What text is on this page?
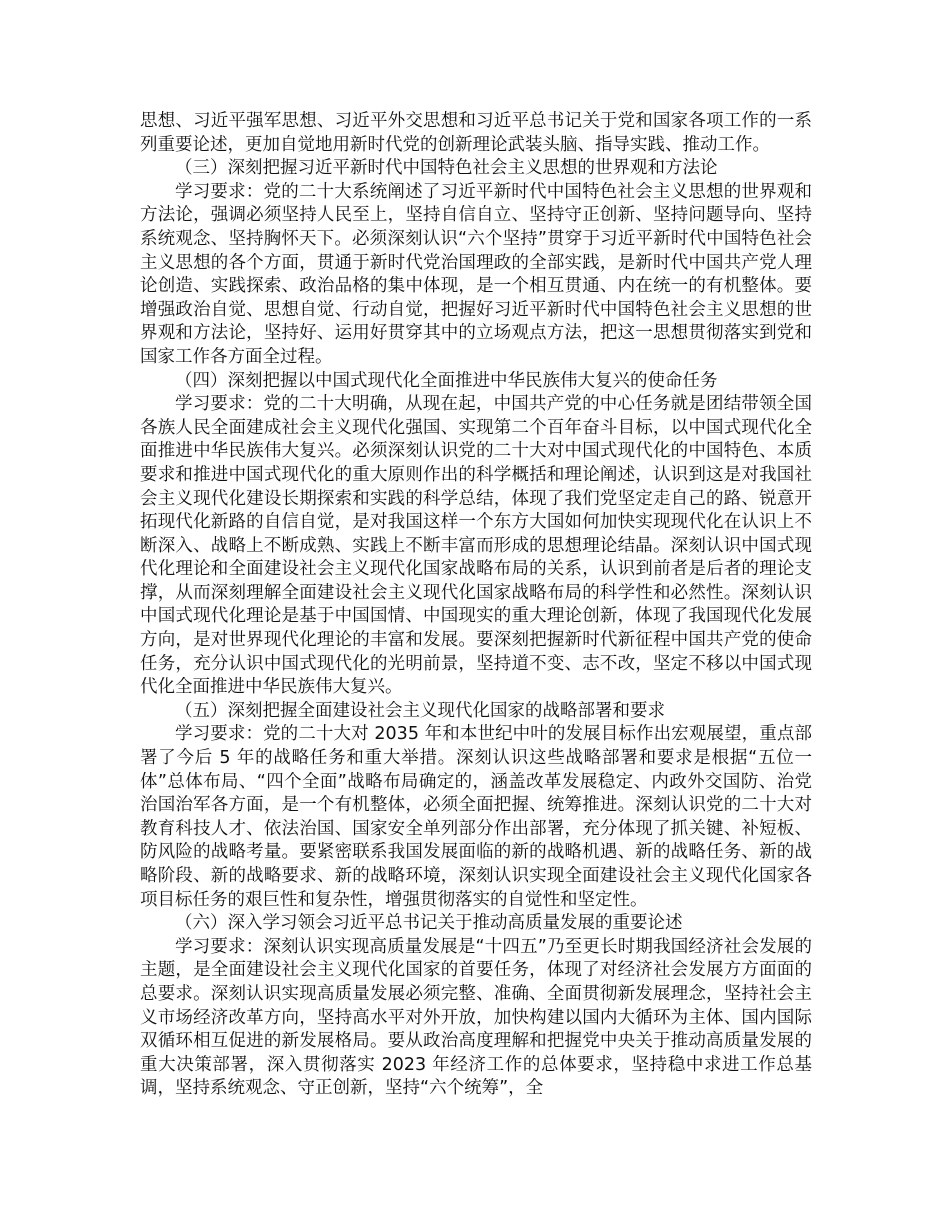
思想、习近平强军思想、习近平外交思想和习近平总书记关于党和国家各项工作的一系列重要论述，更加自觉地用新时代党的创新理论武装头脑、指导实践、推动工作。

（三）深刻把握习近平新时代中国特色社会主义思想的世界观和方法论

学习要求：党的二十大系统阐述了习近平新时代中国特色社会主义思想的世界观和方法论，强调必须坚持人民至上，坚持自信自立、坚持守正创新、坚持问题导向、坚持系统观念、坚持胸怀天下。必须深刻认识“六个坚持”贯穿于习近平新时代中国特色社会主义思想的各个方面，贯通于新时代党治国理政的全部实践，是新时代中国共产党人理论创造、实践探索、政治品格的集中体现，是一个相互贯通、内在统一的有机整体。要增强政治自觉、思想自觉、行动自觉，把握好习近平新时代中国特色社会主义思想的世界观和方法论，坚持好、运用好贯穿其中的立场观点方法，把这一思想贯彻落实到党和国家工作各方面全过程。

（四）深刻把握以中国式现代化全面推进中华民族伟大复兴的使命任务

学习要求：党的二十大明确，从现在起，中国共产党的中心任务就是团结带领全国各族人民全面建成社会主义现代化强国、实现第二个百年奋斗目标，以中国式现代化全面推进中华民族伟大复兴。必须深刻认识党的二十大对中国式现代化的中国特色、本质要求和推进中国式现代化的重大原则作出的科学概括和理论阐述，认识到这是对我国社会主义现代化建设长期探索和实践的科学总结，体现了我们党坚定走自己的路、锐意开拓现代化新路的自信自觉，是对我国这样一个东方大国如何加快实现现代化在认识上不断深入、战略上不断成熟、实践上不断丰富而形成的思想理论结晶。深刻认识中国式现代化理论和全面建设社会主义现代化国家战略布局的关系，认识到前者是后者的理论支撑，从而深刻理解全面建设社会主义现代化国家战略布局的科学性和必然性。深刻认识中国式现代化理论是基于中国国情、中国现实的重大理论创新，体现了我国现代化发展方向，是对世界现代化理论的丰富和发展。要深刻把握新时代新征程中国共产党的使命任务，充分认识中国式现代化的光明前景，坚持道不变、志不改，坚定不移以中国式现代化全面推进中华民族伟大复兴。

（五）深刻把握全面建设社会主义现代化国家的战略部署和要求

学习要求：党的二十大对 2035 年和本世纪中叶的发展目标作出宏观展望，重点部署了今后 5 年的战略任务和重大举措。深刻认识这些战略部署和要求是根据“五位一体”总体布局、“四个全面”战略布局确定的，涵盖改革发展稳定、内政外交国防、治党治国治军各方面，是一个有机整体，必须全面把握、统筹推进。深刻认识党的二十大对教育科技人才、依法治国、国家安全单列部分作出部署，充分体现了抓关键、补短板、防风险的战略考量。要紧密联系我国发展面临的新的战略机遇、新的战略任务、新的战略阶段、新的战略要求、新的战略环境，深刻认识实现全面建设社会主义现代化国家各项目标任务的艰巨性和复杂性，增强贯彻落实的自觉性和坚定性。

（六）深入学习领会习近平总书记关于推动高质量发展的重要论述

学习要求：深刻认识实现高质量发展是“十四五”乃至更长时期我国经济社会发展的主题，是全面建设社会主义现代化国家的首要任务，体现了对经济社会发展方方面面的总要求。深刻认识实现高质量发展必须完整、准确、全面贯彻新发展理念，坚持社会主义市场经济改革方向，坚持高水平对外开放，加快构建以国内大循环为主体、国内国际双循环相互促进的新发展格局。要从政治高度理解和把握党中央关于推动高质量发展的重大决策部署，深入贯彻落实 2023 年经济工作的总体要求，坚持稳中求进工作总基调，坚持系统观念、守正创新，坚持“六个统筹”，全
